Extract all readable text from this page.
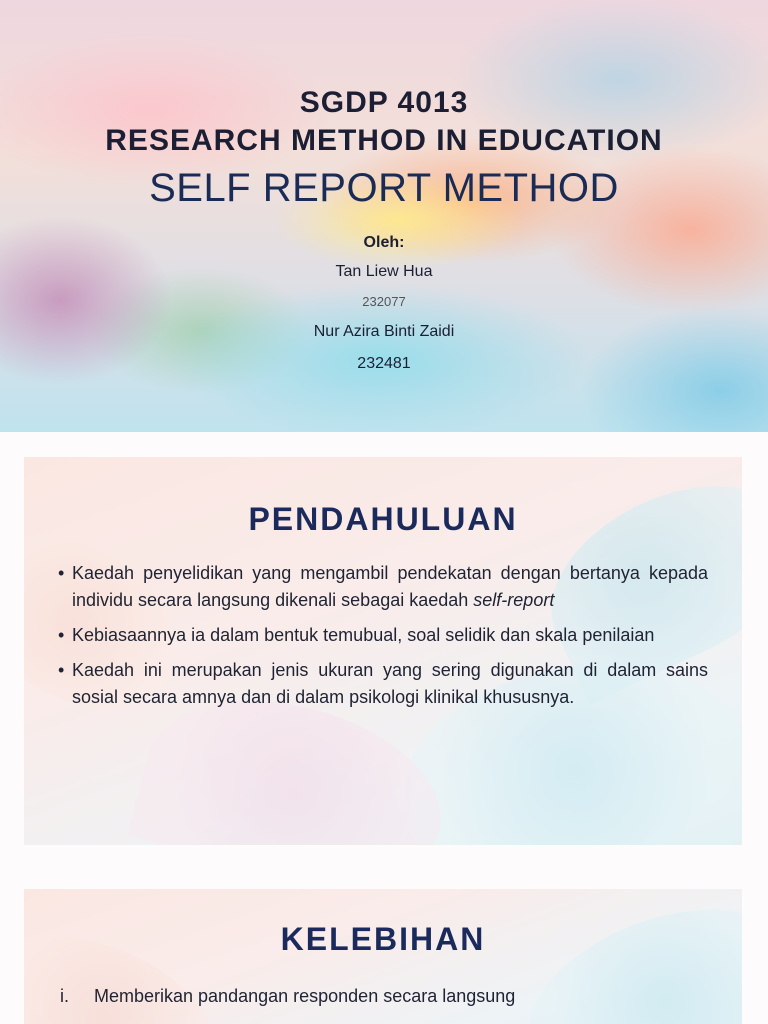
SGDP 4013
RESEARCH METHOD IN EDUCATION
SELF REPORT METHOD
Oleh:
Tan Liew Hua
232077
Nur Azira Binti Zaidi
232481
PENDAHULUAN
• Kaedah penyelidikan yang mengambil pendekatan dengan bertanya kepada individu secara langsung dikenali sebagai kaedah self-report
• Kebiasaannya ia dalam bentuk temubual, soal selidik dan skala penilaian
• Kaedah ini merupakan jenis ukuran yang sering digunakan di dalam sains sosial secara amnya dan di dalam psikologi klinikal khususnya.
KELEBIHAN
i.	Memberikan pandangan responden secara langsung
